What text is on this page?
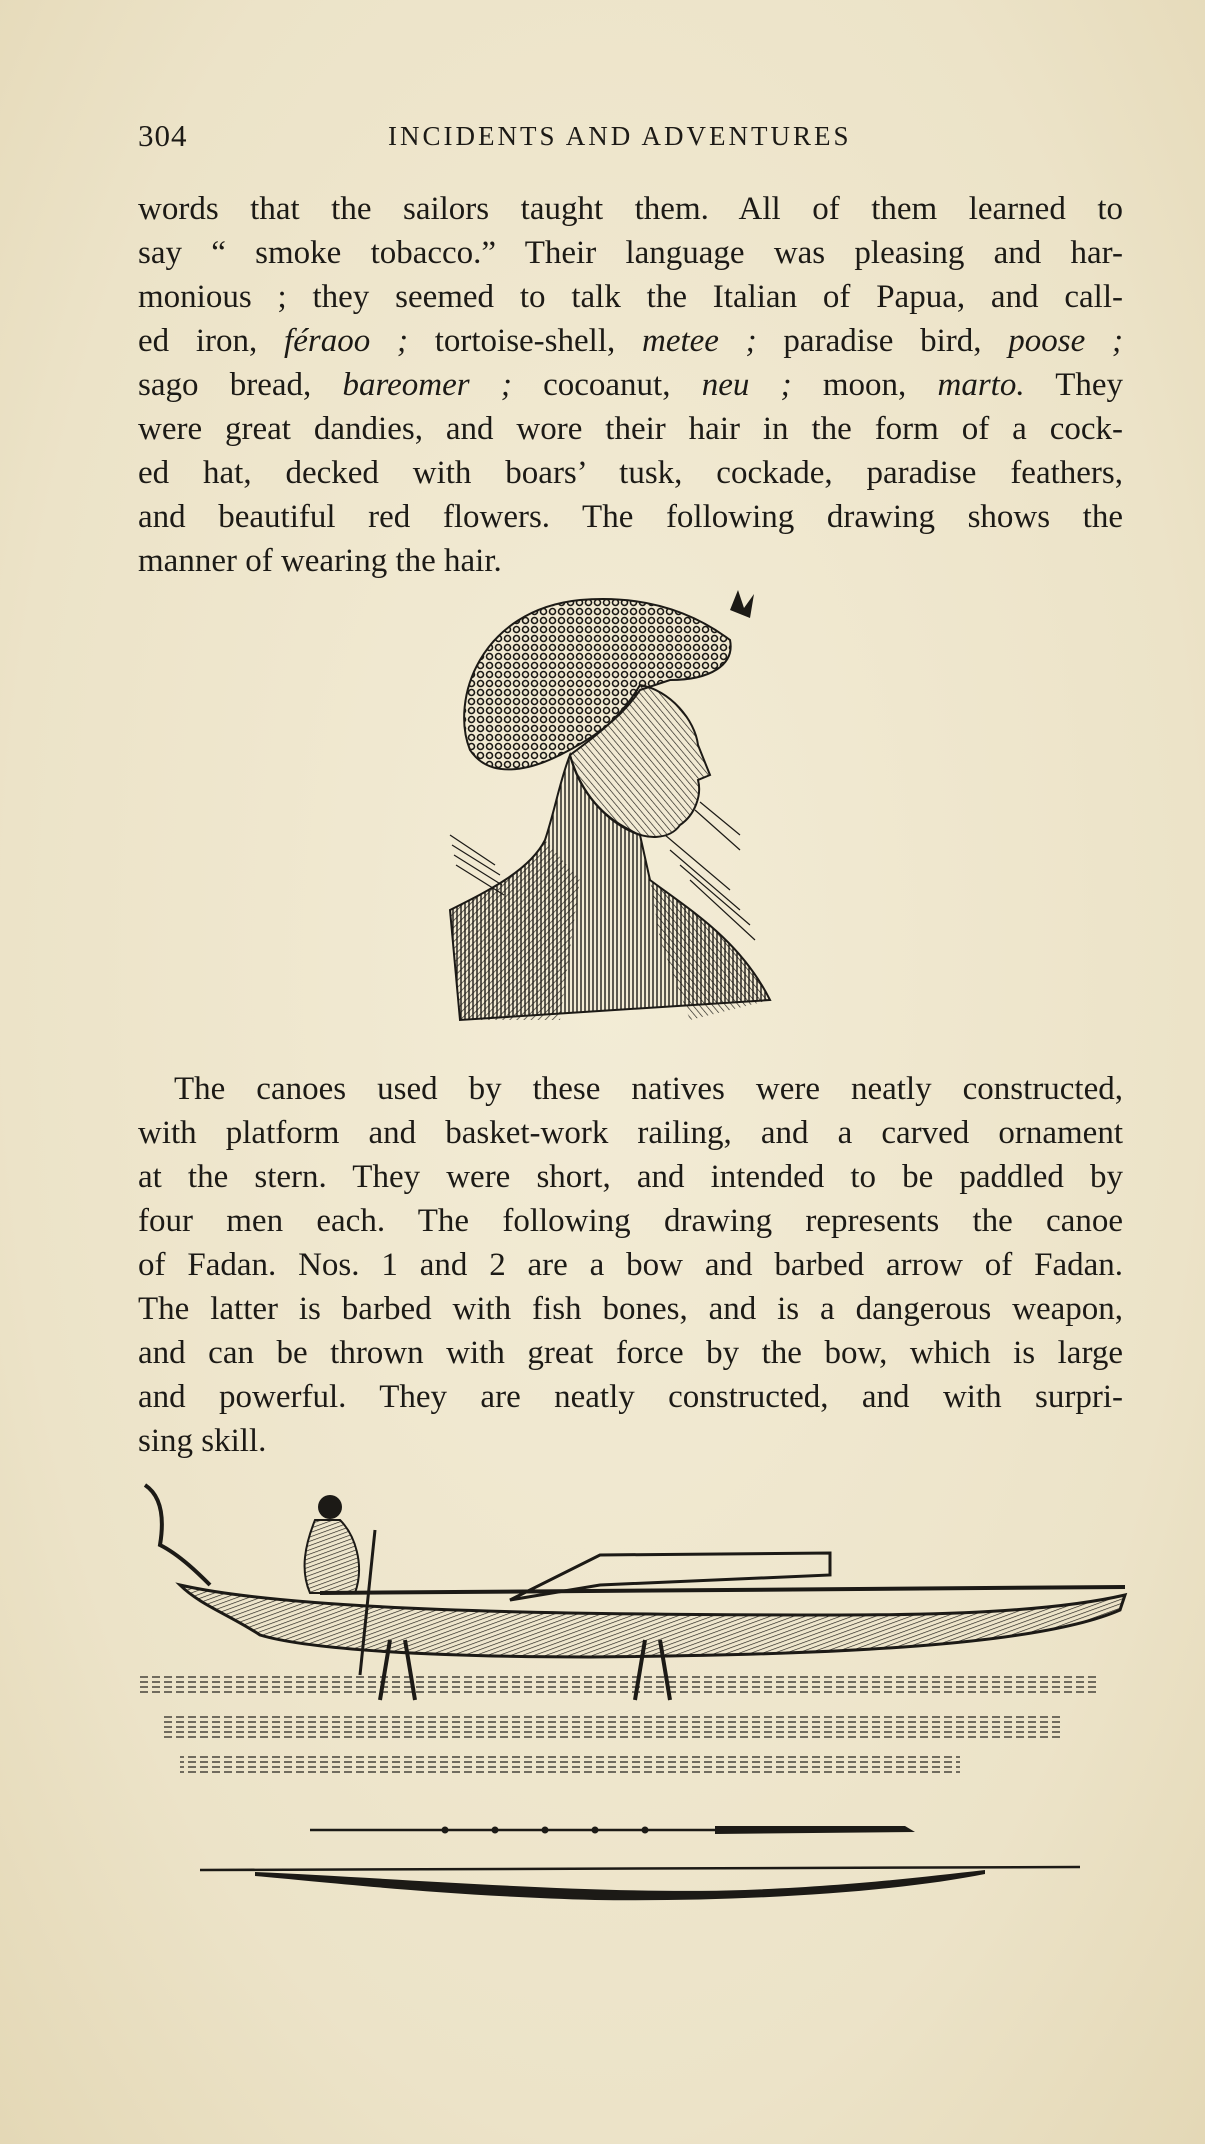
304	INCIDENTS AND ADVENTURES
words that the sailors taught them. All of them learned to
say “ smoke tobacco.” Their language was pleasing and har-
monious ; they seemed to talk the Italian of Papua, and call-
ed iron, féraoo ; tortoise-shell, metee ; paradise bird, poose ;
sago bread, bareomer ; cocoanut, neu ; moon, marto. They
were great dandies, and wore their hair in the form of a cock-
ed hat, decked with boars’ tusk, cockade, paradise feathers,
and beautiful red flowers. The following drawing shows the
manner of wearing the hair.
The canoes used by these natives were neatly constructed,
with platform and basket-work railing, and a carved ornament
at the stern. They were short, and intended to be paddled by
four men each. The following drawing represents the canoe
of Fadan. Nos. 1 and 2 are a bow and barbed arrow of Fadan.
The latter is barbed with fish bones, and is a dangerous weapon,
and can be thrown with great force by the bow, which is large
and powerful. They are neatly constructed, and with surpri-
sing skill.
